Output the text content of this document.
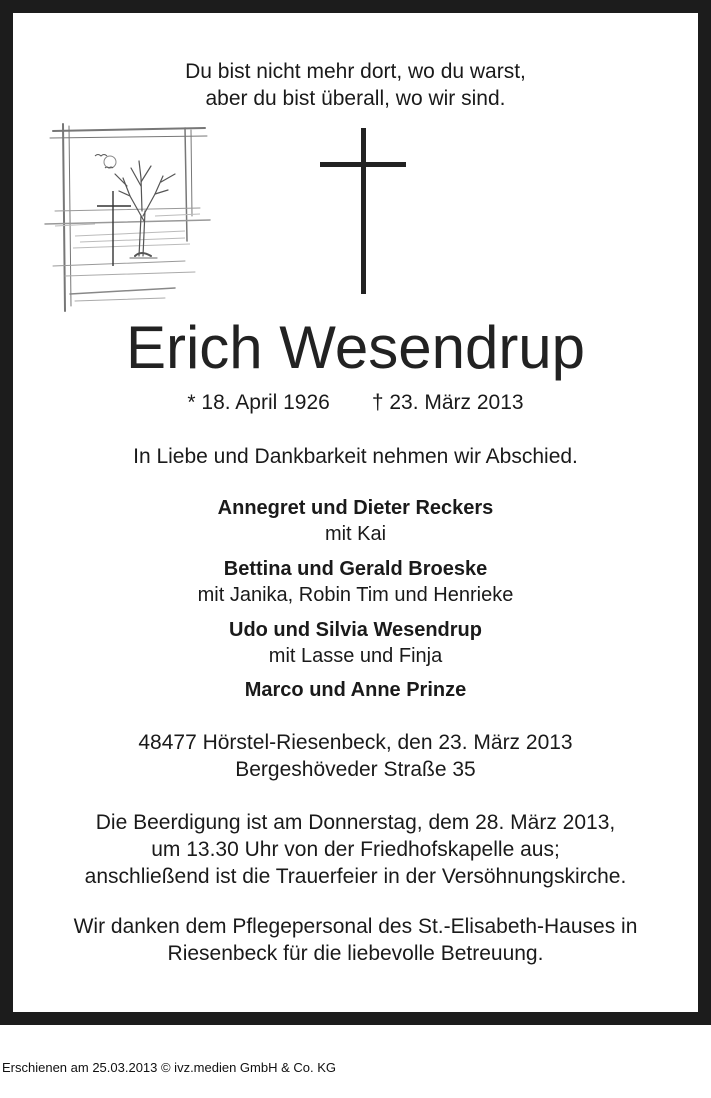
Du bist nicht mehr dort, wo du warst,
aber du bist überall, wo wir sind.
Erich Wesendrup
* 18. April 1926 † 23. März 2013
In Liebe und Dankbarkeit nehmen wir Abschied.
Annegret und Dieter Reckers
mit Kai
Bettina und Gerald Broeske
mit Janika, Robin Tim und Henrieke
Udo und Silvia Wesendrup
mit Lasse und Finja
Marco und Anne Prinze
48477 Hörstel-Riesenbeck, den 23. März 2013
Bergeshöveder Straße 35
Die Beerdigung ist am Donnerstag, dem 28. März 2013,
um 13.30 Uhr von der Friedhofskapelle aus;
anschließend ist die Trauerfeier in der Versöhnungskirche.
Wir danken dem Pflegepersonal des St.-Elisabeth-Hauses in
Riesenbeck für die liebevolle Betreuung.
Erschienen am 25.03.2013 © ivz.medien GmbH & Co. KG
